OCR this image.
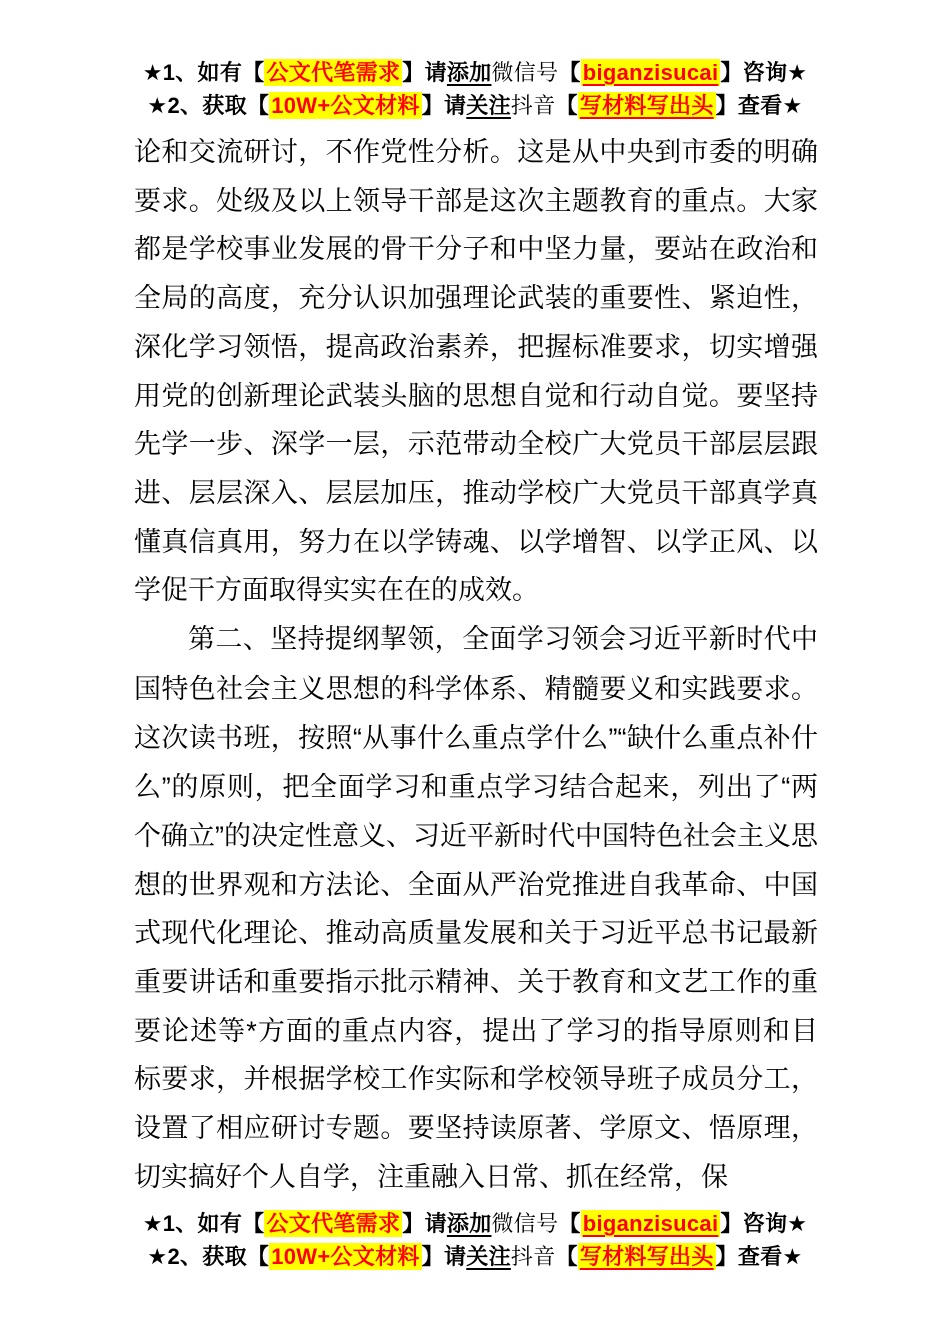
★1、如有【公文代笔需求】请添加微信号【biganzisucai】咨询★
★2、获取【10W+公文材料】请关注抖音【写材料写出头】查看★

论和交流研讨，不作党性分析。这是从中央到市委的明确要求。处级及以上领导干部是这次主题教育的重点。大家都是学校事业发展的骨干分子和中坚力量，要站在政治和全局的高度，充分认识加强理论武装的重要性、紧迫性，深化学习领悟，提高政治素养，把握标准要求，切实增强用党的创新理论武装头脑的思想自觉和行动自觉。要坚持先学一步、深学一层，示范带动全校广大党员干部层层跟进、层层深入、层层加压，推动学校广大党员干部真学真懂真信真用，努力在以学铸魂、以学增智、以学正风、以学促干方面取得实实在在的成效。

第二、坚持提纲挈领，全面学习领会习近平新时代中国特色社会主义思想的科学体系、精髓要义和实践要求。这次读书班，按照“从事什么重点学什么”“缺什么重点补什么”的原则，把全面学习和重点学习结合起来，列出了“两个确立”的决定性意义、习近平新时代中国特色社会主义思想的世界观和方法论、全面从严治党推进自我革命、中国式现代化理论、推动高质量发展和关于习近平总书记最新重要讲话和重要指示批示精神、关于教育和文艺工作的重要论述等*方面的重点内容，提出了学习的指导原则和目标要求，并根据学校工作实际和学校领导班子成员分工，设置了相应研讨专题。要坚持读原著、学原文、悟原理，切实搞好个人自学，注重融入日常、抓在经常，保

★1、如有【公文代笔需求】请添加微信号【biganzisucai】咨询★
★2、获取【10W+公文材料】请关注抖音【写材料写出头】查看★
